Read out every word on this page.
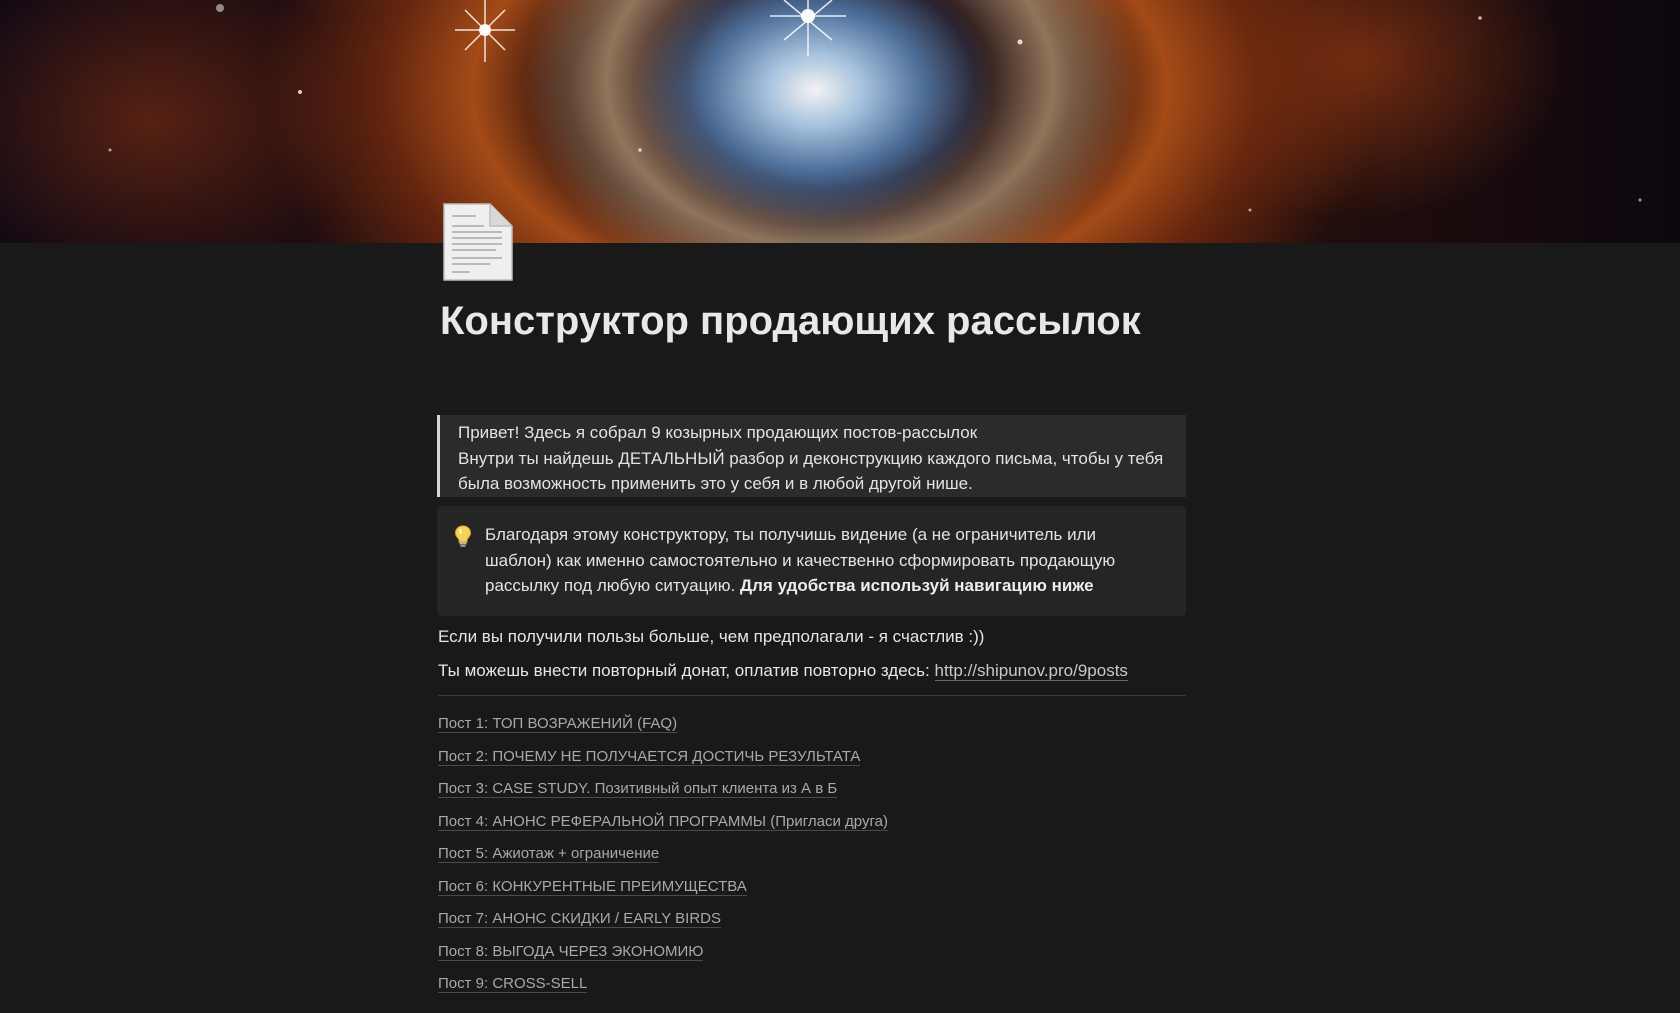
Конструктор продающих рассылок
Привет! Здесь я собрал 9 козырных продающих постов-рассылок
Внутри ты найдешь ДЕТАЛЬНЫЙ разбор и деконструкцию каждого письма, чтобы у тебя была возможность применить это у себя и в любой другой нише.
Благодаря этому конструктору, ты получишь видение (а не ограничитель или шаблон) как именно самостоятельно и качественно сформировать продающую рассылку под любую ситуацию. Для удобства используй навигацию ниже
Если вы получили пользы больше, чем предполагали - я счастлив :))
Ты можешь внести повторный донат, оплатив повторно здесь: http://shipunov.pro/9posts
Пост 1: ТОП ВОЗРАЖЕНИЙ (FAQ)
Пост 2: ПОЧЕМУ НЕ ПОЛУЧАЕТСЯ ДОСТИЧЬ РЕЗУЛЬТАТА
Пост 3: CASE STUDY. Позитивный опыт клиента из А в Б
Пост 4: АНОНС РЕФЕРАЛЬНОЙ ПРОГРАММЫ (Пригласи друга)
Пост 5: Ажиотаж + ограничение
Пост 6: КОНКУРЕНТНЫЕ ПРЕИМУЩЕСТВА
Пост 7: АНОНС СКИДКИ / EARLY BIRDS
Пост 8: ВЫГОДА ЧЕРЕЗ ЭКОНОМИЮ
Пост 9: CROSS-SELL
